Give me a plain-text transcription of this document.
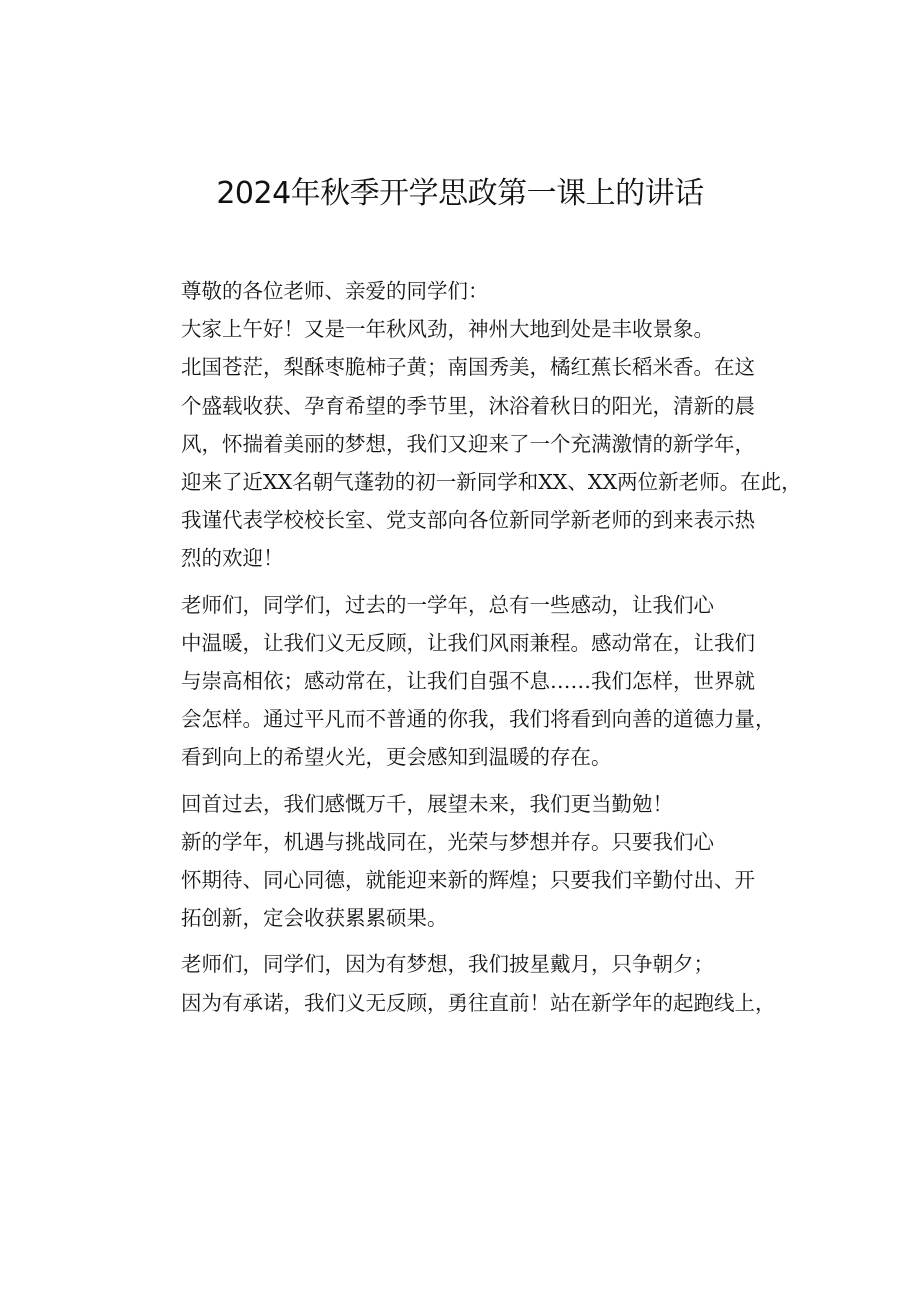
2024年秋季开学思政第一课上的讲话

尊敬的各位老师、亲爱的同学们：

大家上午好！又是一年秋风劲，神州大地到处是丰收景象。
北国苍茫，梨酥枣脆柿子黄；南国秀美，橘红蕉长稻米香。在这
个盛载收获、孕育希望的季节里，沐浴着秋日的阳光，清新的晨
风，怀揣着美丽的梦想，我们又迎来了一个充满激情的新学年，
迎来了近XX名朝气蓬勃的初一新同学和XX、XX两位新老师。在此，
我谨代表学校校长室、党支部向各位新同学新老师的到来表示热
烈的欢迎！

老师们，同学们，过去的一学年，总有一些感动，让我们心
中温暖，让我们义无反顾，让我们风雨兼程。感动常在，让我们
与崇高相依；感动常在，让我们自强不息……我们怎样，世界就
会怎样。通过平凡而不普通的你我，我们将看到向善的道德力量，
看到向上的希望火光，更会感知到温暖的存在。

回首过去，我们感慨万千，展望未来，我们更当勤勉！

新的学年，机遇与挑战同在，光荣与梦想并存。只要我们心
怀期待、同心同德，就能迎来新的辉煌；只要我们辛勤付出、开
拓创新，定会收获累累硕果。

老师们，同学们，因为有梦想，我们披星戴月，只争朝夕；
因为有承诺，我们义无反顾，勇往直前！站在新学年的起跑线上，
